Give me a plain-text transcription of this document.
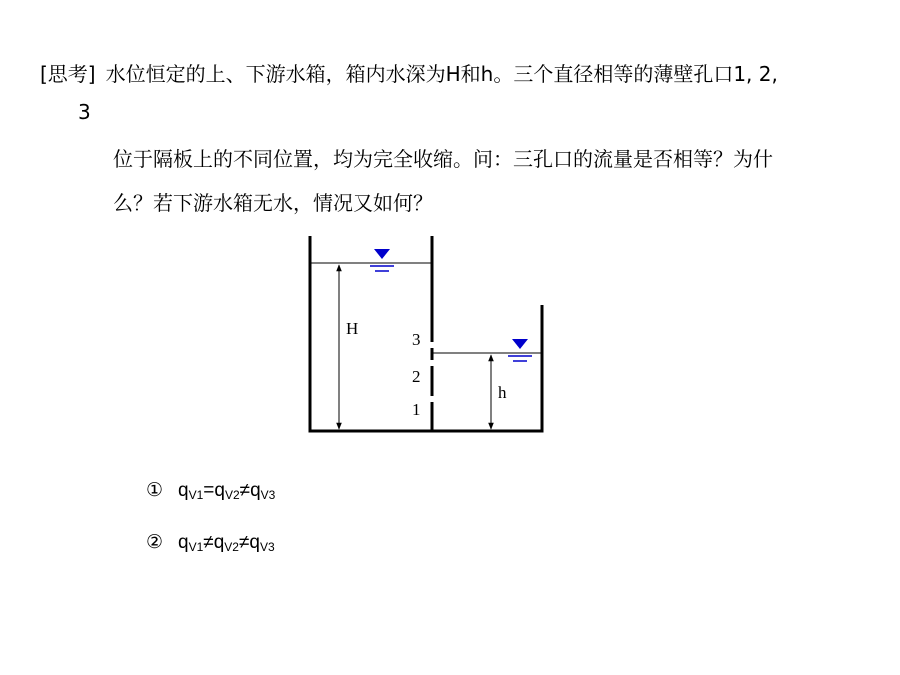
[思考] 水位恒定的上、下游水箱，箱内水深为H和h。三个直径相等的薄壁孔口1, 2,
3
位于隔板上的不同位置，均为完全收缩。问：三孔口的流量是否相等？为什
么？若下游水箱无水，情况又如何？
H
h
3
2
1
① $q_{V1}=q_{V2}\ne q_{V3}$
② $q_{V1}\ne q_{V2}\ne q_{V3}$
